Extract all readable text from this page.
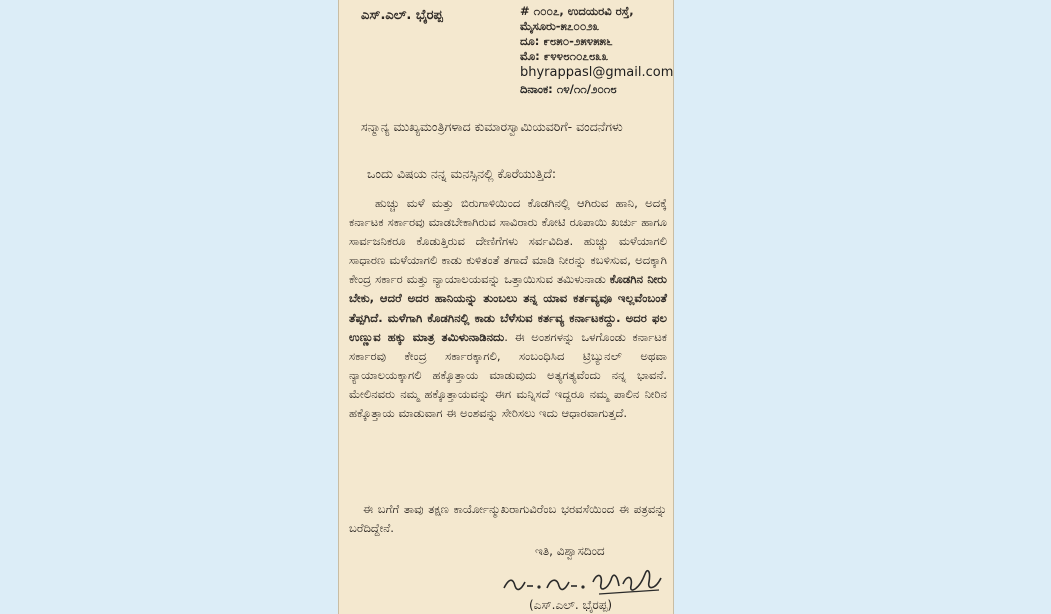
ಎಸ್.ಎಲ್. ಭೈರಪ್ಪ	# ೧೦೦೭, ಉದಯರವಿ ರಸ್ತೆ,
ಮೈಸೂರು-೫೭೦೦೨೩
ದೂ: ೯೮೫೦-೨೫೪೫೫೬
ಮೊ: ೯೪೪೮೧೦೭೮೩೩
bhyrappasl@gmail.com
ದಿನಾಂಕ: ೧೪/೧೧/೨೦೧೮
ಸನ್ಮಾನ್ಯ ಮುಖ್ಯಮಂತ್ರಿಗಳಾದ ಕುಮಾರಸ್ವಾಮಿಯವರಿಗೆ- ವಂದನೆಗಳು
ಒಂದು ವಿಷಯ ನನ್ನ ಮನಸ್ಸಿನಲ್ಲಿ ಕೊರೆಯುತ್ತಿದೆ:
ಹುಚ್ಚು ಮಳೆ ಮತ್ತು ಬಿರುಗಾಳಿಯಿಂದ ಕೊಡಗಿನಲ್ಲಿ ಆಗಿರುವ ಹಾನಿ, ಅದಕ್ಕೆ ಕರ್ನಾಟಕ ಸರ್ಕಾರವು ಮಾಡಬೇಕಾಗಿರುವ ಸಾವಿರಾರು ಕೋಟಿ ರೂಪಾಯಿ ಖರ್ಚು ಹಾಗೂ ಸಾರ್ವಜನಿಕರೂ ಕೊಡುತ್ತಿರುವ ದೇಣಿಗೆಗಳು ಸರ್ವವಿದಿತ. ಹುಚ್ಚು ಮಳೆಯಾಗಲಿ ಸಾಧಾರಣ ಮಳೆಯಾಗಲಿ ಕಾಡು ಕುಳಿತಂತೆ ತಗಾದೆ ಮಾಡಿ ನೀರನ್ನು ಕಬಳಿಸುವ, ಅದಕ್ಕಾಗಿ ಕೇಂದ್ರ ಸರ್ಕಾರ ಮತ್ತು ನ್ಯಾಯಾಲಯವನ್ನು ಒತ್ತಾಯಿಸುವ ತಮಿಳುನಾಡು ಕೊಡಗಿನ ನೀರು ಬೇಕು, ಆದರೆ ಅದರ ಹಾನಿಯನ್ನು ತುಂಬಲು ತನ್ನ ಯಾವ ಕರ್ತವ್ಯವೂ ಇಲ್ಲವೆಂಬಂತೆ ತೆಪ್ಪಗಿದೆ. ಮಳೆಗಾಗಿ ಕೊಡಗಿನಲ್ಲಿ ಕಾಡು ಬೆಳೆಸುವ ಕರ್ತವ್ಯ ಕರ್ನಾಟಕದ್ದು. ಅದರ ಫಲ ಉಣ್ಣುವ ಹಕ್ಕು ಮಾತ್ರ ತಮಿಳುನಾಡಿನದು. ಈ ಅಂಶಗಳನ್ನು ಒಳಗೊಂಡು ಕರ್ನಾಟಕ ಸರ್ಕಾರವು ಕೇಂದ್ರ ಸರ್ಕಾರಕ್ಕಾಗಲಿ, ಸಂಬಂಧಿಸಿದ ಟ್ರಿಬ್ಯುನಲ್ ಅಥವಾ ನ್ಯಾಯಾಲಯಕ್ಕಾಗಲಿ ಹಕ್ಕೊತ್ತಾಯ ಮಾಡುವುದು ಅತ್ಯಗತ್ಯವೆಂದು ನನ್ನ ಭಾವನೆ. ಮೇಲಿನವರು ನಮ್ಮ ಹಕ್ಕೊತ್ತಾಯವನ್ನು ಈಗ ಮನ್ನಿಸದೆ ಇದ್ದರೂ ನಮ್ಮ ಪಾಲಿನ ನೀರಿನ ಹಕ್ಕೊತ್ತಾಯ ಮಾಡುವಾಗ ಈ ಅಂಶವನ್ನು ಸೇರಿಸಲು ಇದು ಆಧಾರವಾಗುತ್ತದೆ.
ಈ ಬಗೆಗೆ ತಾವು ತಕ್ಷಣ ಕಾರ್ಯೋನ್ಮುಖರಾಗುವಿರೆಂಬ ಭರವಸೆಯಿಂದ ಈ ಪತ್ರವನ್ನು ಬರೆದಿದ್ದೇನೆ.
ಇತಿ, ವಿಶ್ವಾಸದಿಂದ
(ಎಸ್.ಎಲ್. ಭೈರಪ್ಪ)
